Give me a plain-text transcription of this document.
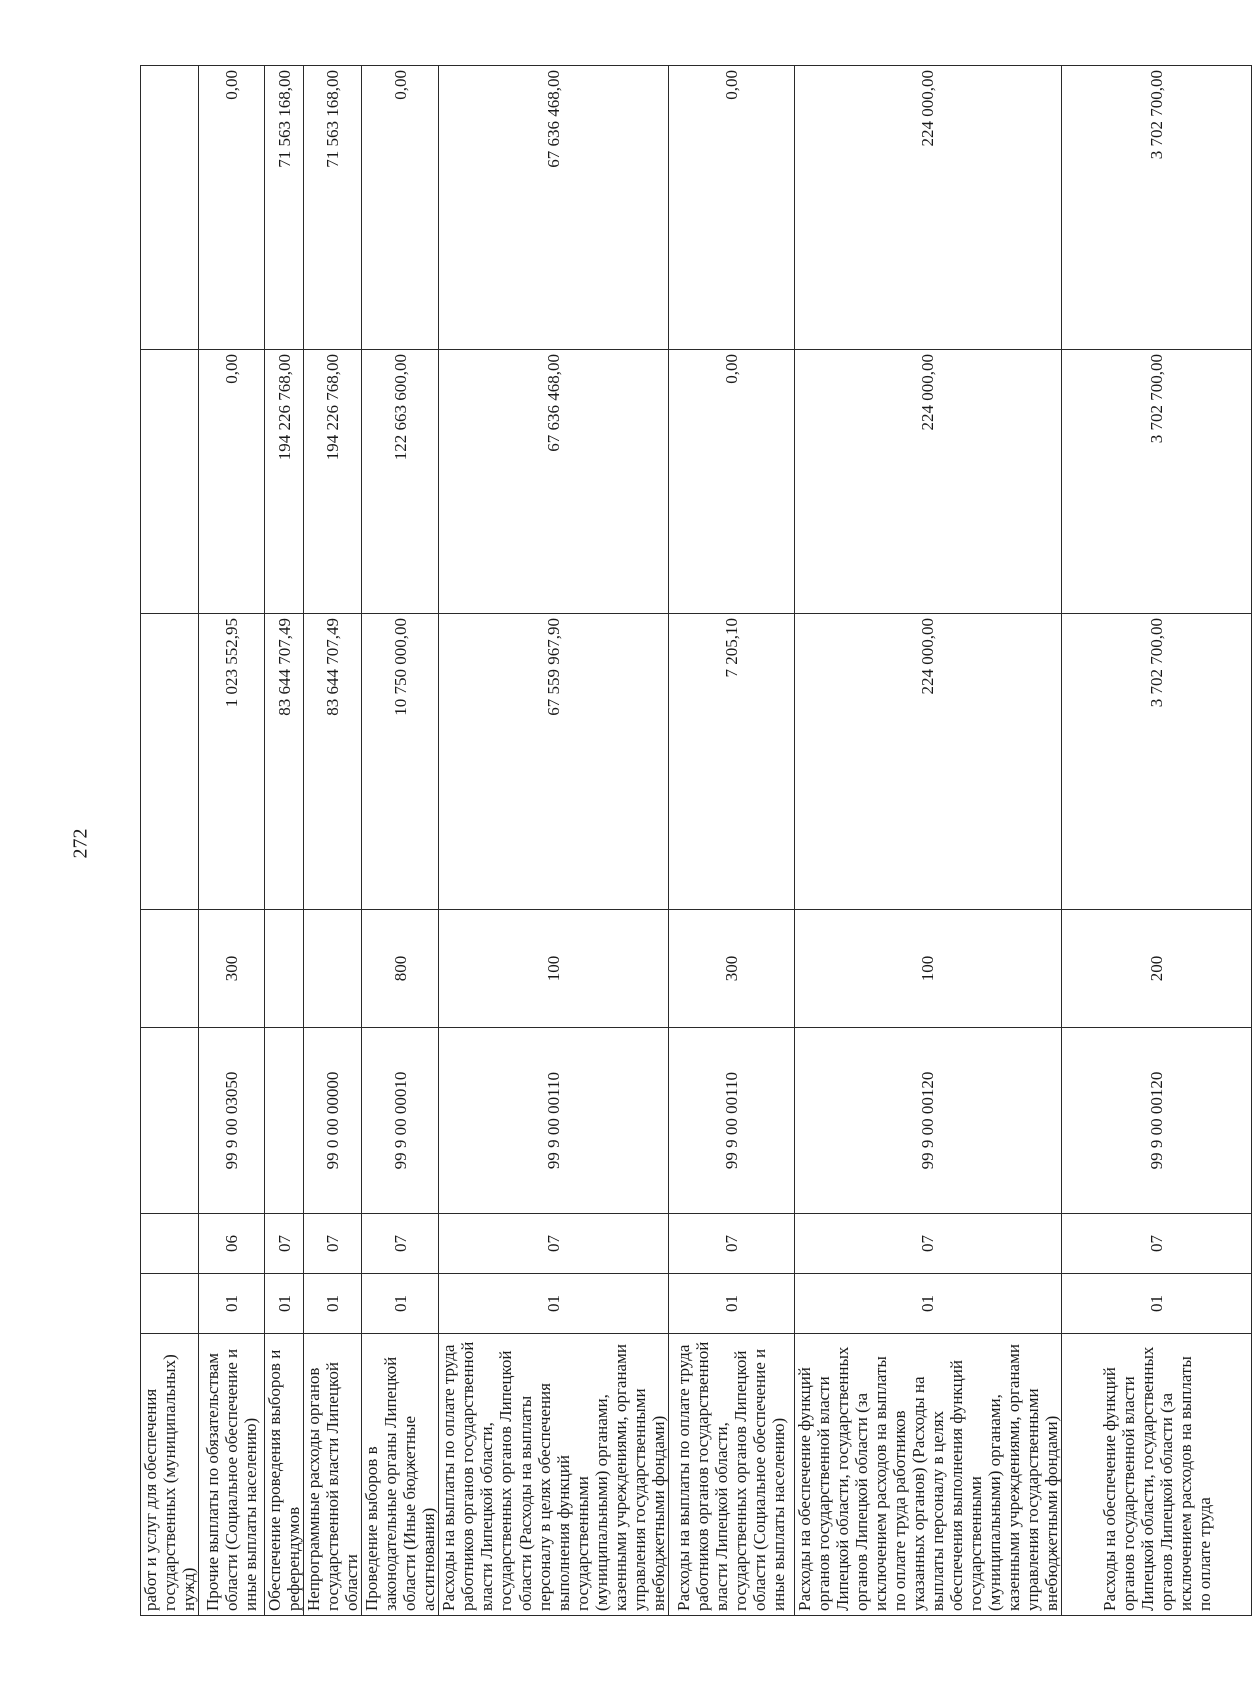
272
работ и услуг для обеспечения государственных (муниципальных) нужд)							
Прочие выплаты по обязательствам области (Социальное обеспечение и иные выплаты населению)	01	06	99 9 00 03050	300	1 023 552,95	0,00	0,00
Обеспечение проведения выборов и референдумов	01	07			83 644 707,49	194 226 768,00	71 563 168,00
Непрограммные расходы органов государственной власти Липецкой области	01	07	99 0 00 00000		83 644 707,49	194 226 768,00	71 563 168,00
Проведение выборов в законодательные органы Липецкой области (Иные бюджетные ассигнования)	01	07	99 9 00 00010	800	10 750 000,00	122 663 600,00	0,00
Расходы на выплаты по оплате труда работников органов государственной власти Липецкой области, государственных органов Липецкой области (Расходы на выплаты персоналу в целях обеспечения выполнения функций государственными (муниципальными) органами, казенными учреждениями, органами управления государственными внебюджетными фондами)	01	07	99 9 00 00110	100	67 559 967,90	67 636 468,00	67 636 468,00
Расходы на выплаты по оплате труда работников органов государственной власти Липецкой области, государственных органов Липецкой области (Социальное обеспечение и иные выплаты населению)	01	07	99 9 00 00110	300	7 205,10	0,00	0,00
Расходы на обеспечение функций органов государственной власти Липецкой области, государственных органов Липецкой области (за исключением расходов на выплаты по оплате труда работников указанных органов) (Расходы на выплаты персоналу в целях обеспечения выполнения функций государственными (муниципальными) органами, казенными учреждениями, органами управления государственными внебюджетными фондами)	01	07	99 9 00 00120	100	224 000,00	224 000,00	224 000,00
Расходы на обеспечение функций органов государственной власти Липецкой области, государственных органов Липецкой области (за исключением расходов на выплаты по оплате труда	01	07	99 9 00 00120	200	3 702 700,00	3 702 700,00	3 702 700,00
